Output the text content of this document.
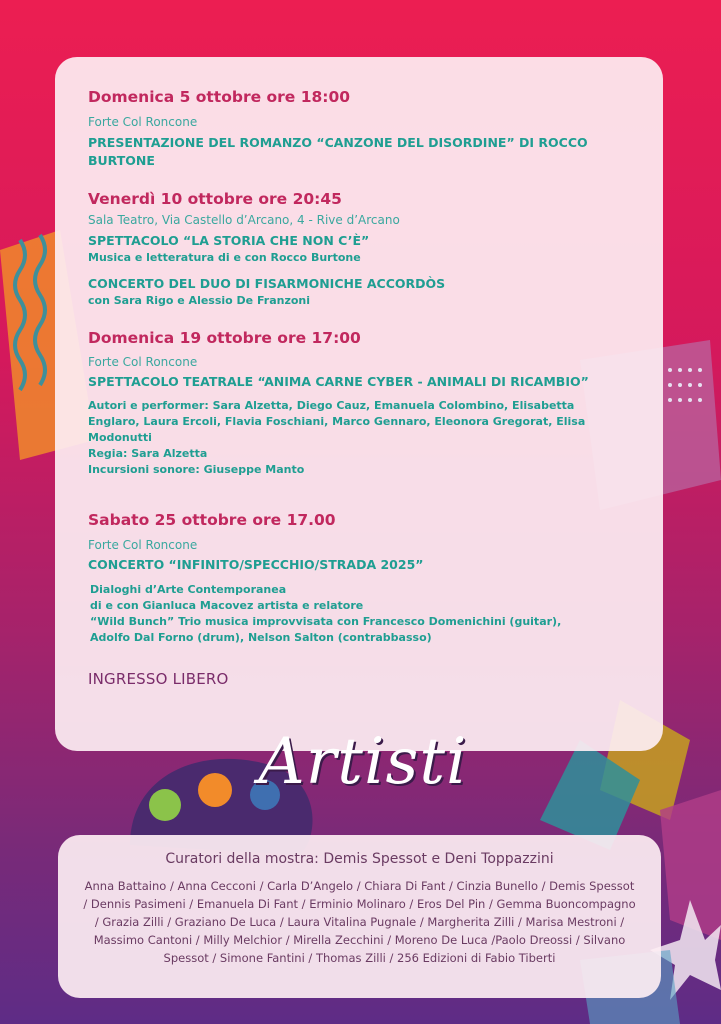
Domenica 5 ottobre ore 18:00
Forte Col Roncone
PRESENTAZIONE DEL ROMANZO “CANZONE DEL DISORDINE” DI ROCCO BURTONE
Venerdì 10 ottobre ore 20:45
Sala Teatro, Via Castello d’Arcano, 4 - Rive d’Arcano
SPETTACOLO “LA STORIA CHE NON C’È”
Musica e letteratura di e con Rocco Burtone
CONCERTO DEL DUO DI FISARMONICHE ACCORDÒS
con Sara Rigo e Alessio De Franzoni
Domenica 19 ottobre ore 17:00
Forte Col Roncone
SPETTACOLO TEATRALE “ANIMA CARNE CYBER - ANIMALI DI RICAMBIO”
Autori e performer: Sara Alzetta, Diego Cauz, Emanuela Colombino, Elisabetta Englaro, Laura Ercoli, Flavia Foschiani, Marco Gennaro, Eleonora Gregorat, Elisa Modonutti
Regia: Sara Alzetta
Incursioni sonore: Giuseppe Manto
Sabato 25 ottobre ore 17.00
Forte Col Roncone
CONCERTO “INFINITO/SPECCHIO/STRADA 2025”
Dialoghi d’Arte Contemporanea
di e con Gianluca Macovez artista e relatore
“Wild Bunch” Trio musica improvvisata con Francesco Domenichini (guitar), Adolfo Dal Forno (drum), Nelson Salton (contrabbasso)
INGRESSO LIBERO
Artisti
Curatori della mostra: Demis Spessot e Deni Toppazzini
Anna Battaino / Anna Cecconi / Carla D’Angelo / Chiara Di Fant / Cinzia Bunello / Demis Spessot / Dennis Pasimeni / Emanuela Di Fant / Erminio Molinaro / Eros Del Pin / Gemma Buoncompagno / Grazia Zilli / Graziano De Luca / Laura Vitalina Pugnale / Margherita Zilli / Marisa Mestroni / Massimo Cantoni / Milly Melchior / Mirella Zecchini / Moreno De Luca /Paolo Dreossi / Silvano Spessot / Simone Fantini / Thomas Zilli / 256 Edizioni di Fabio Tiberti
